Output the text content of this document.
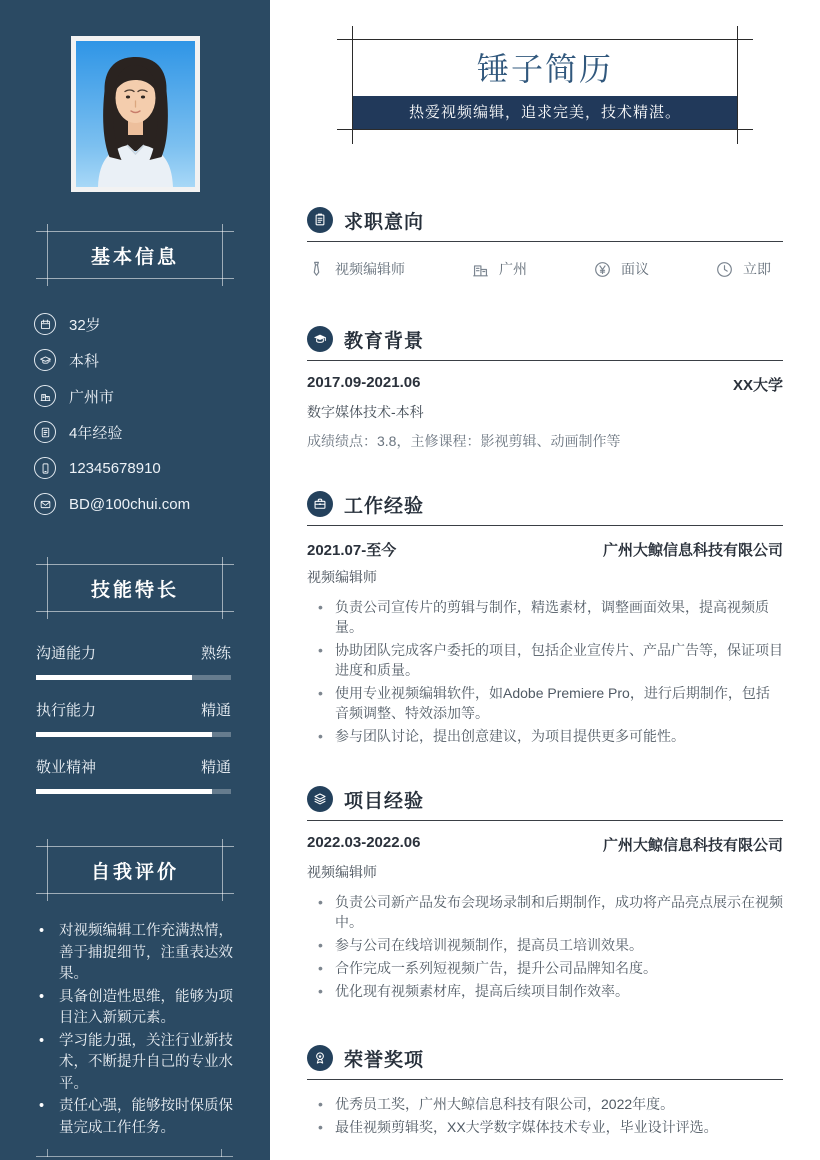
基本信息
32岁
本科
广州市
4年经验
12345678910
BD@100chui.com
技能特长
沟通能力	熟练
执行能力	精通
敬业精神	精通
自我评价
• 对视频编辑工作充满热情，善于捕捉细节，注重表达效果。
• 具备创造性思维，能够为项目注入新颖元素。
• 学习能力强，关注行业新技术，不断提升自己的专业水平。
• 责任心强，能够按时保质保量完成工作任务。
锤子简历
热爱视频编辑，追求完美，技术精湛。
求职意向
视频编辑师	广州	面议	立即
教育背景
2017.09-2021.06	XX大学
数字媒体技术-本科
成绩绩点：3.8，主修课程：影视剪辑、动画制作等
工作经验
2021.07-至今	广州大鲸信息科技有限公司
视频编辑师
• 负责公司宣传片的剪辑与制作，精选素材，调整画面效果，提高视频质量。
• 协助团队完成客户委托的项目，包括企业宣传片、产品广告等，保证项目进度和质量。
• 使用专业视频编辑软件，如Adobe Premiere Pro，进行后期制作，包括音频调整、特效添加等。
• 参与团队讨论，提出创意建议，为项目提供更多可能性。
项目经验
2022.03-2022.06	广州大鲸信息科技有限公司
视频编辑师
• 负责公司新产品发布会现场录制和后期制作，成功将产品亮点展示在视频中。
• 参与公司在线培训视频制作，提高员工培训效果。
• 合作完成一系列短视频广告，提升公司品牌知名度。
• 优化现有视频素材库，提高后续项目制作效率。
荣誉奖项
• 优秀员工奖，广州大鲸信息科技有限公司，2022年度。
• 最佳视频剪辑奖，XX大学数字媒体技术专业，毕业设计评选。
